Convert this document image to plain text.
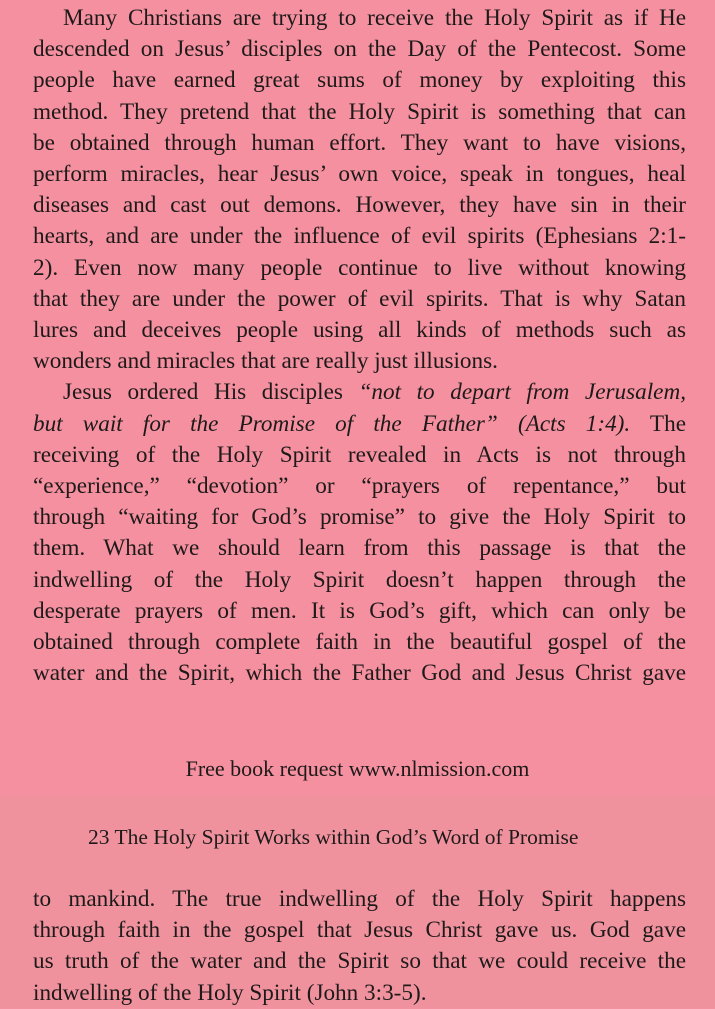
Many Christians are trying to receive the Holy Spirit as if He
descended on Jesus’ disciples on the Day of the Pentecost. Some
people have earned great sums of money by exploiting this
method. They pretend that the Holy Spirit is something that can
be obtained through human effort. They want to have visions,
perform miracles, hear Jesus’ own voice, speak in tongues, heal
diseases and cast out demons. However, they have sin in their
hearts, and are under the influence of evil spirits (Ephesians 2:1-
2). Even now many people continue to live without knowing
that they are under the power of evil spirits. That is why Satan
lures and deceives people using all kinds of methods such as
wonders and miracles that are really just illusions.
Jesus ordered His disciples “not to depart from Jerusalem,
but wait for the Promise of the Father” (Acts 1:4). The
receiving of the Holy Spirit revealed in Acts is not through
“experience,” “devotion” or “prayers of repentance,” but
through “waiting for God’s promise” to give the Holy Spirit to
them. What we should learn from this passage is that the
indwelling of the Holy Spirit doesn’t happen through the
desperate prayers of men. It is God’s gift, which can only be
obtained through complete faith in the beautiful gospel of the
water and the Spirit, which the Father God and Jesus Christ gave
Free book request www.nlmission.com
23 The Holy Spirit Works within God’s Word of Promise
to mankind. The true indwelling of the Holy Spirit happens
through faith in the gospel that Jesus Christ gave us. God gave
us truth of the water and the Spirit so that we could receive the
indwelling of the Holy Spirit (John 3:3-5).
